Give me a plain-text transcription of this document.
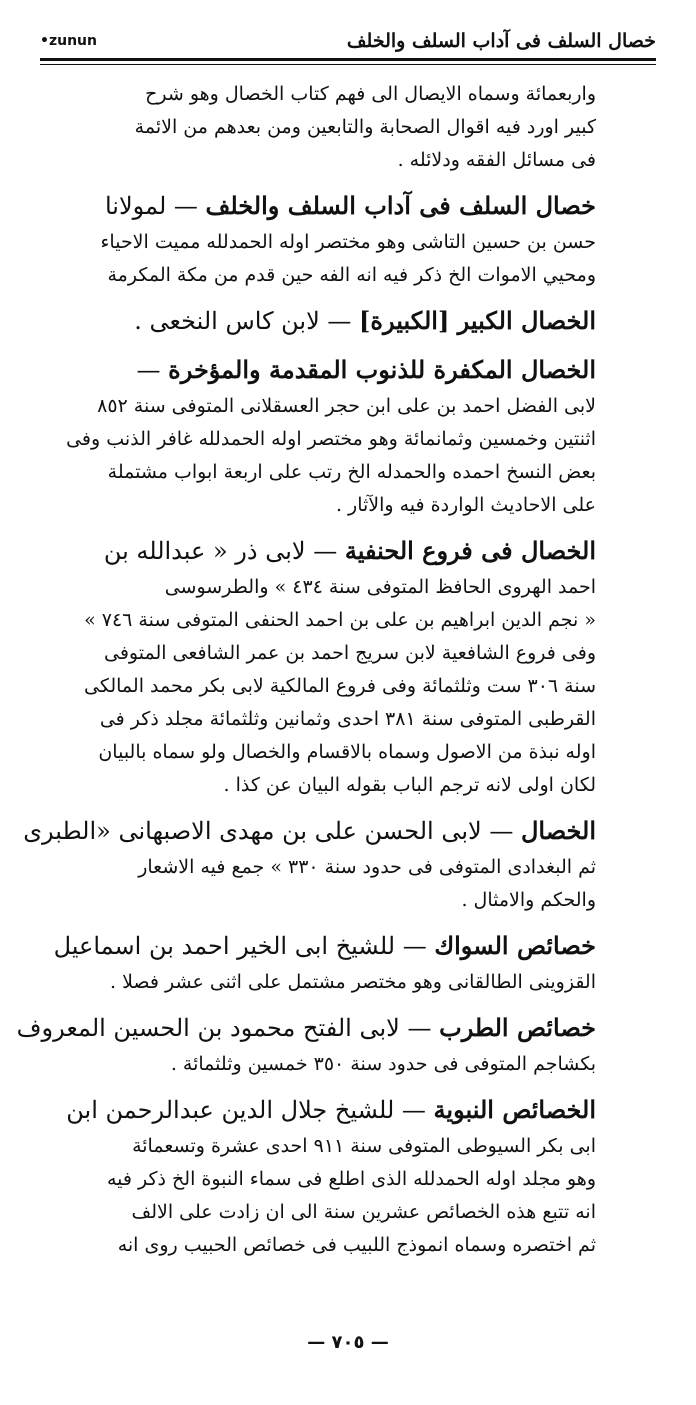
•zunun	خصال السلف فى آداب السلف والخلف
واربعمائة وسماه الايصال الى فهم كتاب الخصال وهو شرح
كبير اورد فيه اقوال الصحابة والتابعين ومن بعدهم من الائمة
فى مسائل الفقه ودلائله .
خصال السلف فى آداب السلف والخلف — لمولانا
حسن بن حسين التاشى وهو مختصر اوله الحمدلله مميت الاحياء
ومحيي الاموات الخ ذكر فيه انه الفه حين قدم من مكة المكرمة
الخصال الكبير [الكبيرة] — لابن كاس النخعى .
الخصال المكفرة للذنوب المقدمة والمؤخرة —
لابى الفضل احمد بن على ابن حجر العسقلانى المتوفى سنة ٨٥٢
اثنتين وخمسين وثمانمائة وهو مختصر اوله الحمدلله غافر الذنب وفى
بعض النسخ احمده والحمدله الخ رتب على اربعة ابواب مشتملة
على الاحاديث الواردة فيه والآثار .
الخصال فى فروع الحنفية — لابى ذر « عبدالله بن
احمد الهروى الحافظ المتوفى سنة ٤٣٤ » والطرسوسى
« نجم الدين ابراهيم بن على بن احمد الحنفى المتوفى سنة ٧٤٦ »
وفى فروع الشافعية لابن سريج احمد بن عمر الشافعى المتوفى
سنة ٣٠٦ ست وثلثمائة وفى فروع المالكية لابى بكر محمد المالكى
القرطبى المتوفى سنة ٣٨١ احدى وثمانين وثلثمائة مجلد ذكر فى
اوله نبذة من الاصول وسماه بالاقسام والخصال ولو سماه بالبيان
لكان اولى لانه ترجم الباب بقوله البيان عن كذا .
الخصال — لابى الحسن على بن مهدى الاصبهانى «الطبرى
ثم البغدادى المتوفى فى حدود سنة ٣٣٠ » جمع فيه الاشعار
والحكم والامثال .
خصائص السواك — للشيخ ابى الخير احمد بن اسماعيل
القزوينى الطالقانى وهو مختصر مشتمل على اثنى عشر فصلا .
خصائص الطرب — لابى الفتح محمود بن الحسين المعروف
بكشاجم المتوفى فى حدود سنة ٣٥٠ خمسين وثلثمائة .
الخصائص النبوية — للشيخ جلال الدين عبدالرحمن ابن
ابى بكر السيوطى المتوفى سنة ٩١١ احدى عشرة وتسعمائة
وهو مجلد اوله الحمدلله الذى اطلع فى سماء النبوة الخ ذكر فيه
انه تتبع هذه الخصائص عشرين سنة الى ان زادت على الالف
ثم اختصره وسماه انموذج اللبيب فى خصائص الحبيب روى انه
— ٧٠٥ —
